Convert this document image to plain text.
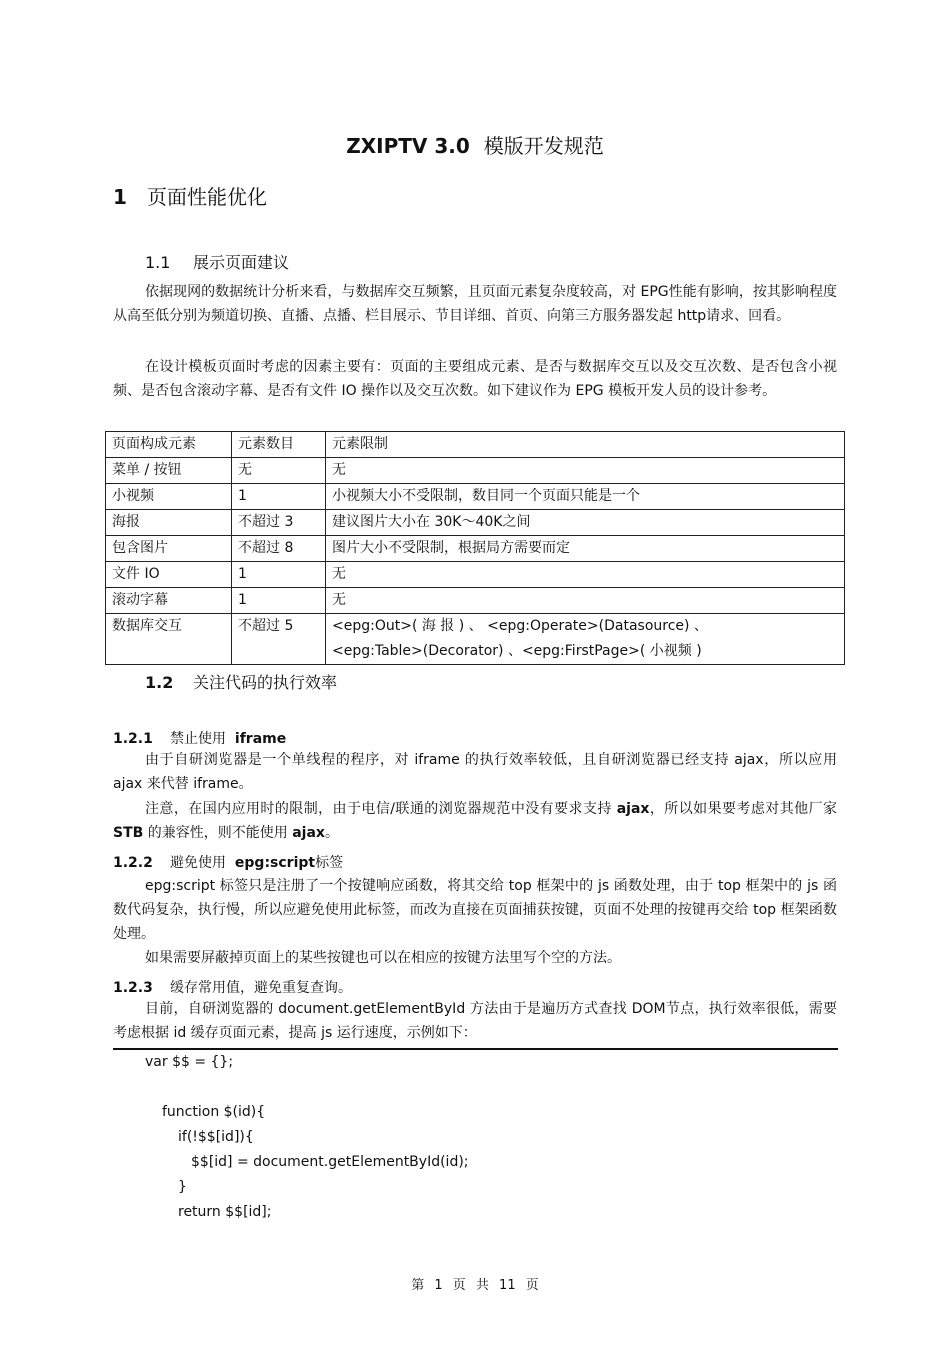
ZXIPTV 3.0 模版开发规范
1 页面性能优化
1.1 展示页面建议
依据现网的数据统计分析来看，与数据库交互频繁，且页面元素复杂度较高，对 EPG性能有影响，按其影响程度从高至低分别为频道切换、直播、点播、栏目展示、节目详细、首页、向第三方服务器发起 http请求、回看。
在设计模板页面时考虑的因素主要有：页面的主要组成元素、是否与数据库交互以及交互次数、是否包含小视频、是否包含滚动字幕、是否有文件 IO 操作以及交互次数。如下建议作为 EPG 模板开发人员的设计参考。
页面构成元素	元素数目	元素限制
菜单 / 按钮	无	无
小视频	1	小视频大小不受限制，数目同一个页面只能是一个
海报	不超过 3	建议图片大小在 30K～40K之间
包含图片	不超过 8	图片大小不受限制，根据局方需要而定
文件 IO	1	无
滚动字幕	1	无
数据库交互	不超过 5	<epg:Out>( 海 报 ) 、 <epg:Operate>(Datasource) 、
<epg:Table>(Decorator) 、<epg:FirstPage>( 小视频 )
1.2 关注代码的执行效率
1.2.1 禁止使用 iframe
由于自研浏览器是一个单线程的程序，对 iframe 的执行效率较低，且自研浏览器已经支持 ajax，所以应用 ajax 来代替 iframe。
注意，在国内应用时的限制，由于电信/联通的浏览器规范中没有要求支持 ajax，所以如果要考虑对其他厂家 STB 的兼容性，则不能使用 ajax。
1.2.2 避免使用 epg:script标签
epg:script 标签只是注册了一个按键响应函数，将其交给 top 框架中的 js 函数处理，由于 top 框架中的 js 函数代码复杂，执行慢，所以应避免使用此标签，而改为直接在页面捕获按键，页面不处理的按键再交给 top 框架函数处理。
如果需要屏蔽掉页面上的某些按键也可以在相应的按键方法里写个空的方法。
1.2.3 缓存常用值，避免重复查询。
目前，自研浏览器的 document.getElementById 方法由于是遍历方式查找 DOM节点，执行效率很低，需要考虑根据 id 缓存页面元素，提高 js 运行速度，示例如下：
var $$ = {};
function $(id){
if(!$$[id]){
$$[id] = document.getElementById(id);
}
return $$[id];
第 1 页 共 11 页
